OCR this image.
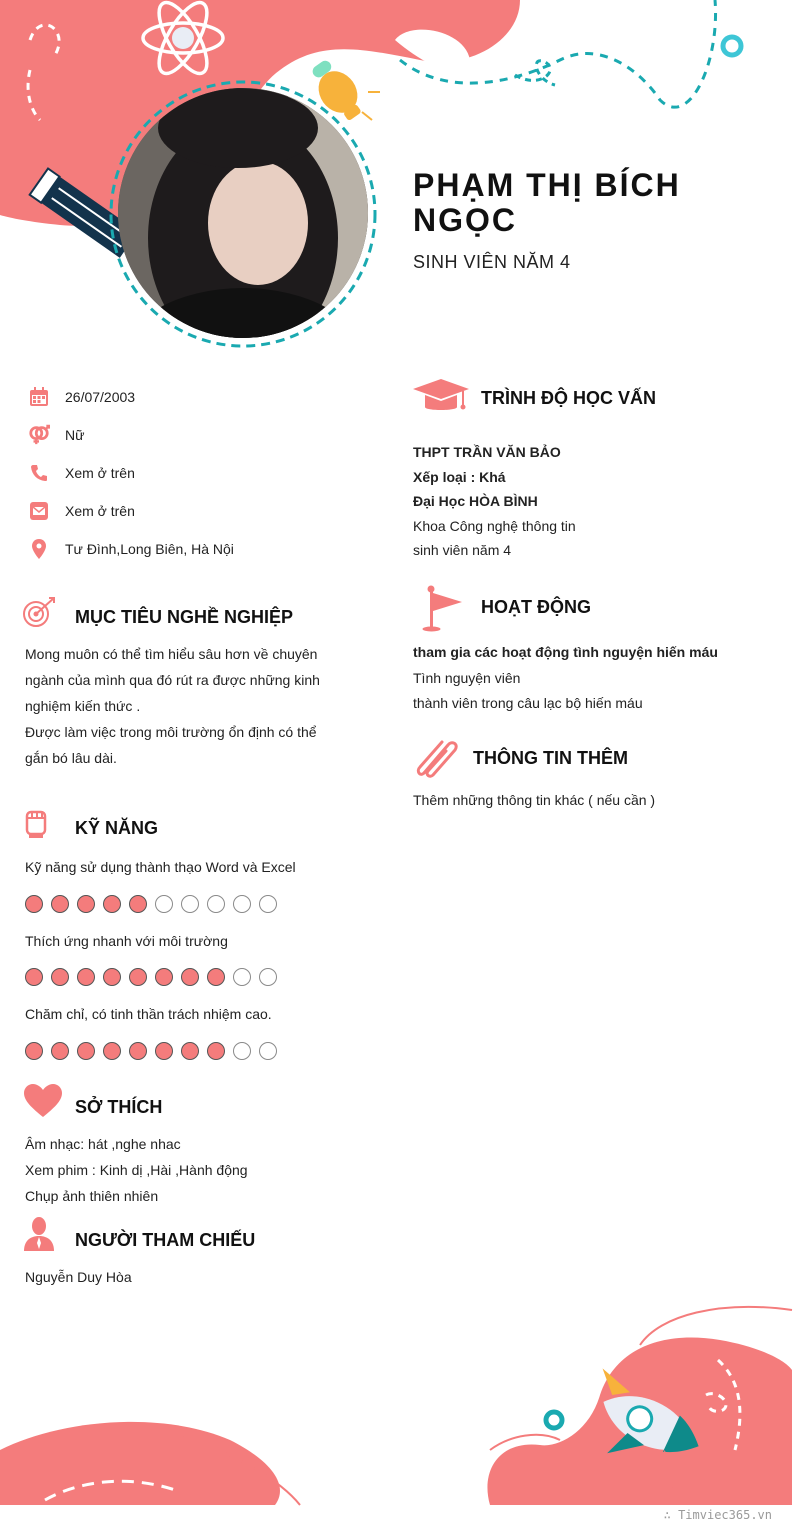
PHẠM THỊ BÍCH
NGỌC
SINH VIÊN NĂM 4
26/07/2003
Nữ
Xem ở trên
Xem ở trên
Tư Đình,Long Biên, Hà Nội
MỤC TIÊU NGHỀ NGHIỆP
Mong muôn có thể tìm hiểu sâu hơn về chuyên
ngành của mình qua đó rút ra được những kinh
nghiệm kiến thức .
Được làm việc trong môi trường ổn định có thể
gắn bó lâu dài.
KỸ NĂNG
Kỹ năng sử dụng thành thạo Word và Excel
Thích ứng nhanh với môi trường
Chăm chỉ, có tinh thần trách nhiệm cao.
SỞ THÍCH
Âm nhạc: hát ,nghe nhac
Xem phim : Kinh dị ,Hài ,Hành động
Chụp ảnh thiên nhiên
NGƯỜI THAM CHIẾU
Nguyễn Duy Hòa
TRÌNH ĐỘ HỌC VẤN
THPT TRẦN VĂN BẢO
Xếp loại : Khá
Đại Học HÒA BÌNH
Khoa Công nghệ thông tin
sinh viên năm 4
HOẠT ĐỘNG
tham gia các hoạt động tình nguyện hiến máu
Tình nguyện viên
thành viên trong câu lạc bộ hiến máu
THÔNG TIN THÊM
Thêm những thông tin khác ( nếu cần )
∴ Timviec365.vn
